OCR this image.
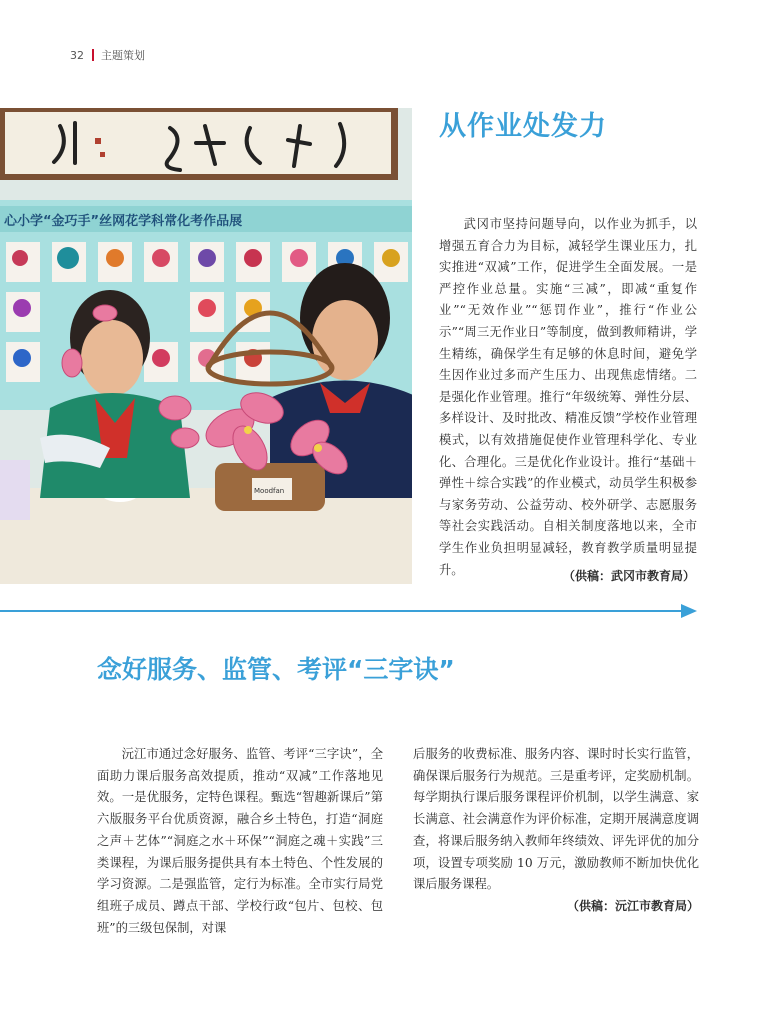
32 主题策划
心小学“金巧手”丝网花学科常化考作品展
Moodfan
从作业处发力
武冈市坚持问题导向，以作业为抓手，以增强五育合力为目标，减轻学生课业压力，扎实推进“双减”工作，促进学生全面发展。一是严控作业总量。实施“三减”，即减“重复作业”“无效作业”“惩罚作业”，推行“作业公示”“周三无作业日”等制度，做到教师精讲，学生精练，确保学生有足够的休息时间，避免学生因作业过多而产生压力、出现焦虑情绪。二是强化作业管理。推行“年级统筹、弹性分层、多样设计、及时批改、精准反馈”学校作业管理模式，以有效措施促使作业管理科学化、专业化、合理化。三是优化作业设计。推行“基础＋弹性＋综合实践”的作业模式，动员学生积极参与家务劳动、公益劳动、校外研学、志愿服务等社会实践活动。自相关制度落地以来，全市学生作业负担明显减轻，教育教学质量明显提升。	（供稿：武冈市教育局）
念好服务、监管、考评“三字诀”
沅江市通过念好服务、监管、考评“三字诀”，全面助力课后服务高效提质，推动“双减”工作落地见效。一是优服务，定特色课程。甄选“智趣新课后”第六版服务平台优质资源，融合乡土特色，打造“洞庭之声＋艺体”“洞庭之水＋环保”“洞庭之魂＋实践”三类课程，为课后服务提供具有本土特色、个性发展的学习资源。二是强监管，定行为标准。全市实行局党组班子成员、蹲点干部、学校行政“包片、包校、包班”的三级包保制，对课
后服务的收费标准、服务内容、课时时长实行监管，确保课后服务行为规范。三是重考评，定奖励机制。每学期执行课后服务课程评价机制，以学生满意、家长满意、社会满意作为评价标准，定期开展满意度调查，将课后服务纳入教师年终绩效、评先评优的加分项，设置专项奖励 10 万元，激励教师不断加快优化课后服务课程。
（供稿：沅江市教育局）
